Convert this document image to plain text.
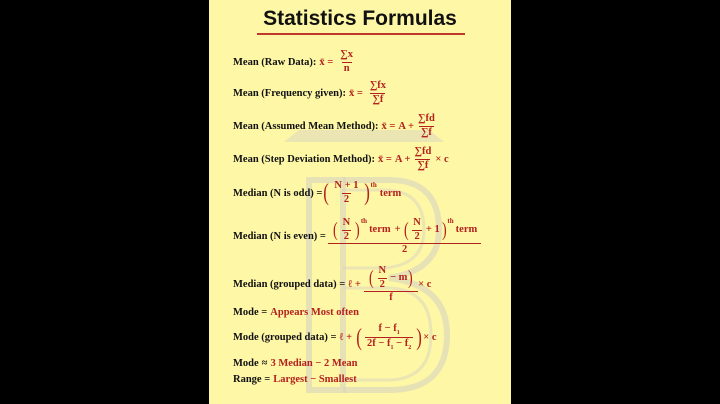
Statistics Formulas
Mean (Raw Data): x̄ = $\frac{\sum x}{n}$
Mean (Frequency given): x̄ = $\frac{\sum fx}{\sum f}$
Mean (Assumed Mean Method): x̄ = $A + \frac{\sum fd}{\sum f}$
Mean (Step Deviation Method): x̄ = $A + \frac{\sum fd}{\sum f} \times c$
Median (N is odd) = ( $\frac{N + 1}{2} )^{th}$
term
Median (N is even) = ( $\frac{N}{2} )^{th}$
term + ( $\frac{N}{2} + 1$ )$^{th}$
term
2
Median (grouped data) = ℓ + ( $\frac{N}{2} - m$ )
f
× c
Mode = Appears Most often
Mode (grouped data) = ℓ + ( $\frac{f - f_1}{2f - f_1 - f_2}$ ) × c
Mode ≈ 3 Median − 2 Mean
Range = Largest − Smallest
